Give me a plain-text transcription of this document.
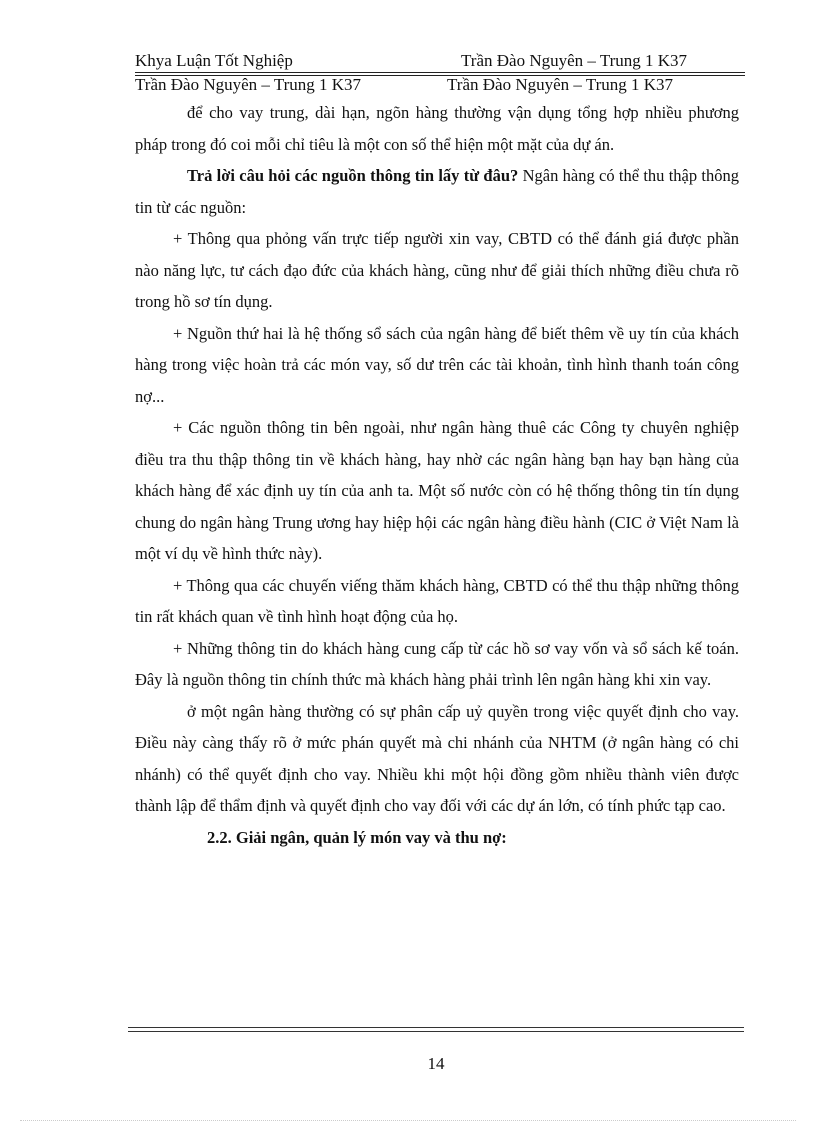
Khya Luận Tốt Nghiệp	Trần Đào Nguyên – Trung 1 K37
Trần Đào Nguyên – Trung 1 K37	Trần Đào Nguyên – Trung 1 K37

để cho vay trung, dài hạn, ngõn hàng thường vận dụng tổng hợp nhiều phương pháp trong đó coi mỗi chỉ tiêu là một con số thể hiện một mặt của dự án.

Trả lời câu hỏi các nguồn thông tin lấy từ đâu? Ngân hàng có thể thu thập thông tin từ các nguồn:

+ Thông qua phỏng vấn trực tiếp người xin vay, CBTD có thể đánh giá được phần nào năng lực, tư cách đạo đức của khách hàng, cũng như để giải thích những điều chưa rõ trong hồ sơ tín dụng.

+ Nguồn thứ hai là hệ thống sổ sách của ngân hàng để biết thêm về uy tín của khách hàng trong việc hoàn trả các món vay, số dư trên các tài khoản, tình hình thanh toán công nợ...

+ Các nguồn thông tin bên ngoài, như ngân hàng thuê các Công ty chuyên nghiệp điều tra thu thập thông tin về khách hàng, hay nhờ các ngân hàng bạn hay bạn hàng của khách hàng để xác định uy tín của anh ta. Một số nước còn có hệ thống thông tin tín dụng chung do ngân hàng Trung ương hay hiệp hội các ngân hàng điều hành (CIC ở Việt Nam là một ví dụ về hình thức này).

+ Thông qua các chuyến viếng thăm khách hàng, CBTD có thể thu thập những thông tin rất khách quan về tình hình hoạt động của họ.

+ Những thông tin do khách hàng cung cấp từ các hồ sơ vay vốn và sổ sách kế toán. Đây là nguồn thông tin chính thức mà khách hàng phải trình lên ngân hàng khi xin vay.

ở một ngân hàng thường có sự phân cấp uỷ quyền trong việc quyết định cho vay. Điều này càng thấy rõ ở mức phán quyết mà chi nhánh của NHTM (ở ngân hàng có chi nhánh) có thể quyết định cho vay. Nhiều khi một hội đồng gồm nhiều thành viên được thành lập để thẩm định và quyết định cho vay đối với các dự án lớn, có tính phức tạp cao.

2.2. Giải ngân, quản lý món vay và thu nợ:

14
